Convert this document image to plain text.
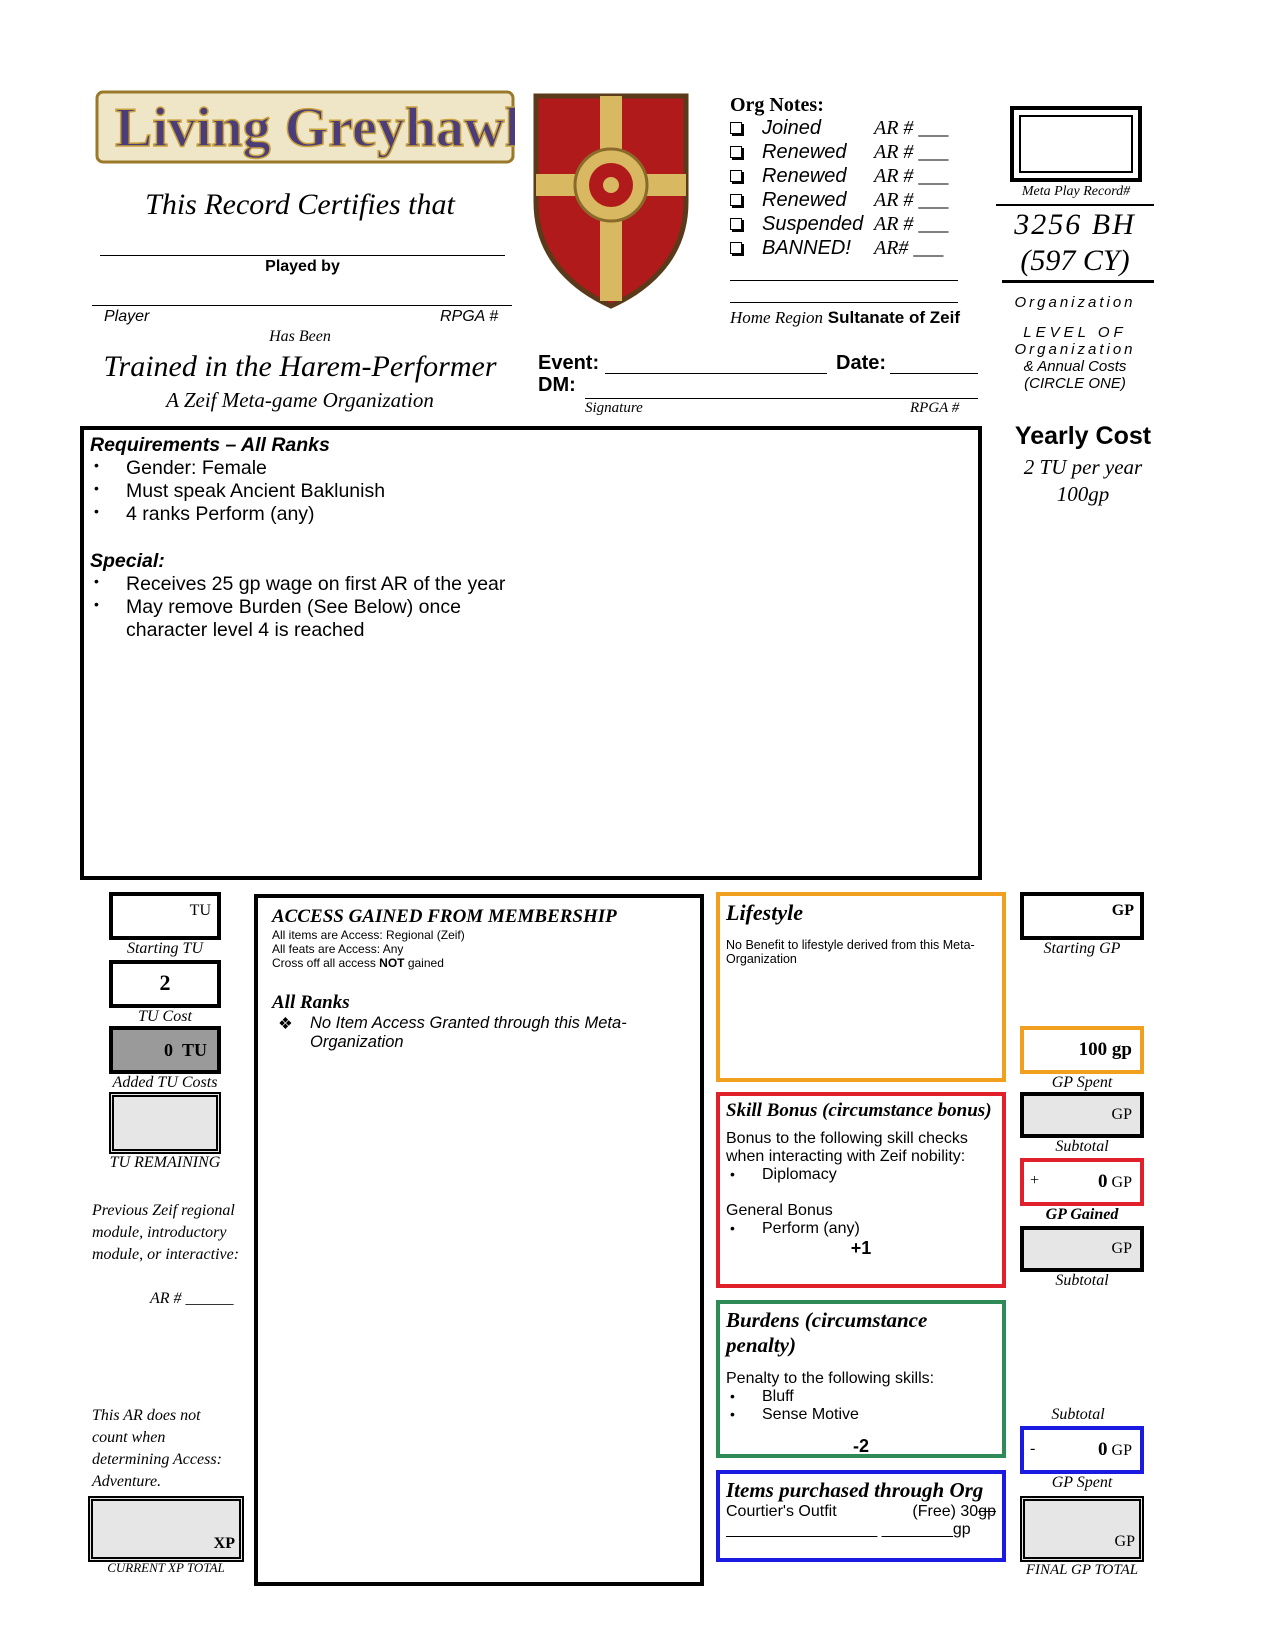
Living Greyhawk
This Record Certifies that
Played by
Player	RPGA #
Has Been
Trained in the Harem-Performer
A Zeif Meta-game Organization
Org Notes:
Joined	AR # ___
Renewed	AR # ___
Renewed	AR # ___
Renewed	AR # ___
Suspended AR # ___
BANNED!	AR# ___
Home Region Sultanate of Zeif
Meta Play Record#
3256 BH
(597 CY)
Organization
LEVEL OF
Organization
& Annual Costs
(CIRCLE ONE)
Event:	Date:
DM:
Signature	RPGA #
Yearly Cost
2 TU per year
100gp
Requirements – All Ranks
• Gender: Female
• Must speak Ancient Baklunish
• 4 ranks Perform (any)
Special:
• Receives 25 gp wage on first AR of the year
• May remove Burden (See Below) once character level 4 is reached
TU
Starting TU
2
TU Cost
0 TU
Added TU Costs
TU REMAINING
Previous Zeif regional module, introductory module, or interactive:
AR # ______
This AR does not count when determining Access: Adventure.
XP
CURRENT XP TOTAL
ACCESS GAINED FROM MEMBERSHIP
All items are Access: Regional (Zeif)
All feats are Access: Any
Cross off all access NOT gained
All Ranks
❖ No Item Access Granted through this Meta-Organization
Lifestyle
No Benefit to lifestyle derived from this Meta-Organization
Skill Bonus (circumstance bonus)
Bonus to the following skill checks when interacting with Zeif nobility:
• Diplomacy
General Bonus
• Perform (any)
+1
Burdens (circumstance penalty)
Penalty to the following skills:
• Bluff
• Sense Motive
-2
Items purchased through Org
Courtier's Outfit	(Free) 30gp
_________________ ________gp
GP
Starting GP
100 gp
GP Spent
GP
Subtotal
+	0 GP
GP Gained
GP
Subtotal
Subtotal
-	0 GP
GP Spent
GP
FINAL GP TOTAL
